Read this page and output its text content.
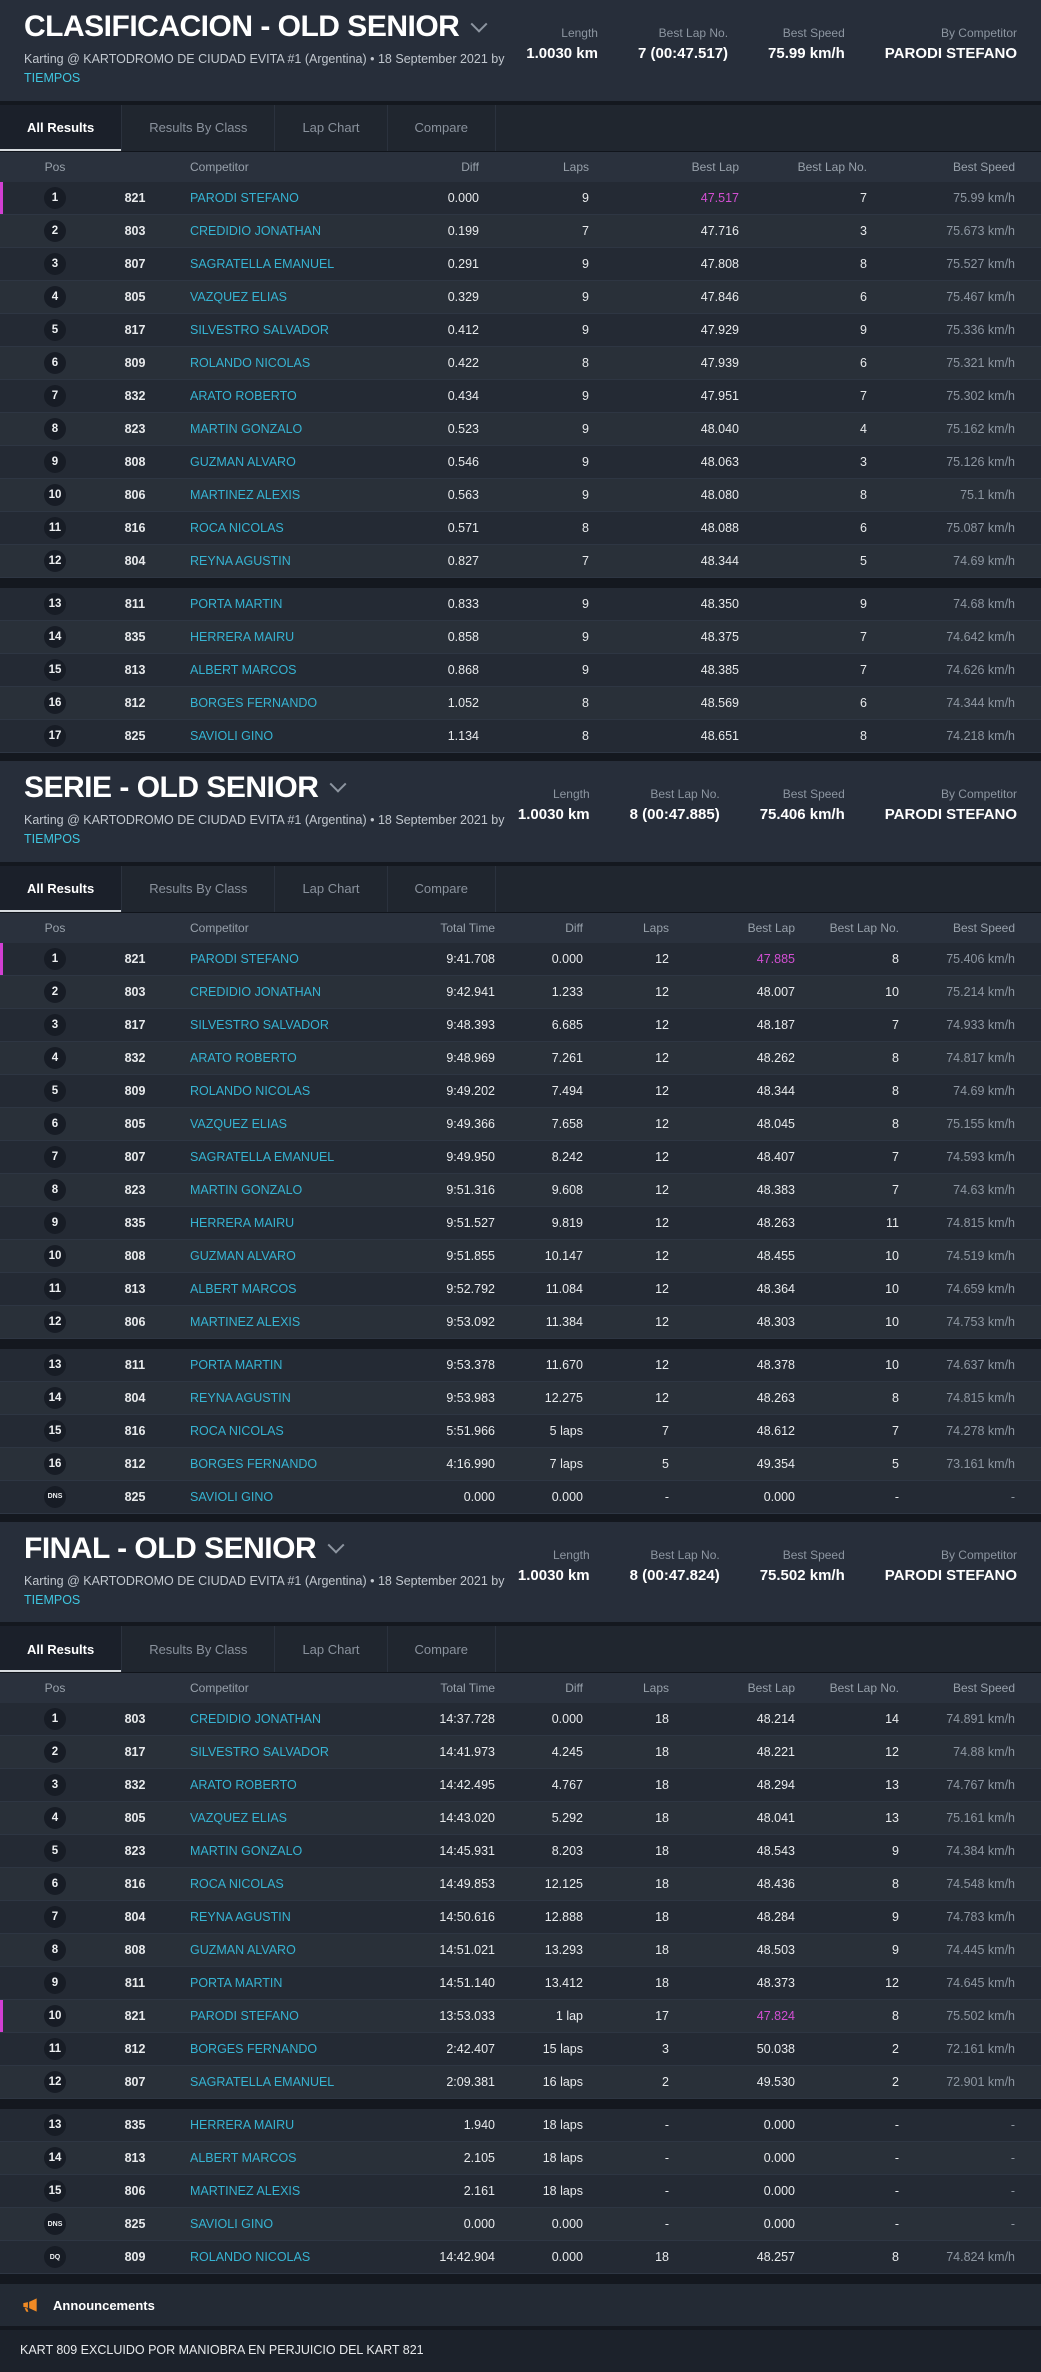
CLASIFICACION - OLD SENIOR

Karting @ KARTODROMO DE CIUDAD EVITA #1 (Argentina) • 18 September 2021 by TIEMPOS

Length
1.0030 km
Best Lap No.
7 (00:47.517)
Best Speed
75.99 km/h
By Competitor
PARODI STEFANO
All Results	Results By Class	Lap Chart	Compare
Pos	Competitor	Diff	Laps	Best Lap	Best Lap No.	Best Speed
1	821	PARODI STEFANO	0.000	9	47.517	7	75.99 km/h
2	803	CREDIDIO JONATHAN	0.199	7	47.716	3	75.673 km/h
3	807	SAGRATELLA EMANUEL	0.291	9	47.808	8	75.527 km/h
4	805	VAZQUEZ ELIAS	0.329	9	47.846	6	75.467 km/h
5	817	SILVESTRO SALVADOR	0.412	9	47.929	9	75.336 km/h
6	809	ROLANDO NICOLAS	0.422	8	47.939	6	75.321 km/h
7	832	ARATO ROBERTO	0.434	9	47.951	7	75.302 km/h
8	823	MARTIN GONZALO	0.523	9	48.040	4	75.162 km/h
9	808	GUZMAN ALVARO	0.546	9	48.063	3	75.126 km/h
10	806	MARTINEZ ALEXIS	0.563	9	48.080	8	75.1 km/h
11	816	ROCA NICOLAS	0.571	8	48.088	6	75.087 km/h
12	804	REYNA AGUSTIN	0.827	7	48.344	5	74.69 km/h
13	811	PORTA MARTIN	0.833	9	48.350	9	74.68 km/h
14	835	HERRERA MAIRU	0.858	9	48.375	7	74.642 km/h
15	813	ALBERT MARCOS	0.868	9	48.385	7	74.626 km/h
16	812	BORGES FERNANDO	1.052	8	48.569	6	74.344 km/h
17	825	SAVIOLI GINO	1.134	8	48.651	8	74.218 km/h
SERIE - OLD SENIOR

Karting @ KARTODROMO DE CIUDAD EVITA #1 (Argentina) • 18 September 2021 by TIEMPOS

Length
1.0030 km
Best Lap No.
8 (00:47.885)
Best Speed
75.406 km/h
By Competitor
PARODI STEFANO
All Results	Results By Class	Lap Chart	Compare
Pos	Competitor	Total Time	Diff	Laps	Best Lap	Best Lap No.	Best Speed
1	821	PARODI STEFANO	9:41.708	0.000	12	47.885	8	75.406 km/h
2	803	CREDIDIO JONATHAN	9:42.941	1.233	12	48.007	10	75.214 km/h
3	817	SILVESTRO SALVADOR	9:48.393	6.685	12	48.187	7	74.933 km/h
4	832	ARATO ROBERTO	9:48.969	7.261	12	48.262	8	74.817 km/h
5	809	ROLANDO NICOLAS	9:49.202	7.494	12	48.344	8	74.69 km/h
6	805	VAZQUEZ ELIAS	9:49.366	7.658	12	48.045	8	75.155 km/h
7	807	SAGRATELLA EMANUEL	9:49.950	8.242	12	48.407	7	74.593 km/h
8	823	MARTIN GONZALO	9:51.316	9.608	12	48.383	7	74.63 km/h
9	835	HERRERA MAIRU	9:51.527	9.819	12	48.263	11	74.815 km/h
10	808	GUZMAN ALVARO	9:51.855	10.147	12	48.455	10	74.519 km/h
11	813	ALBERT MARCOS	9:52.792	11.084	12	48.364	10	74.659 km/h
12	806	MARTINEZ ALEXIS	9:53.092	11.384	12	48.303	10	74.753 km/h
13	811	PORTA MARTIN	9:53.378	11.670	12	48.378	10	74.637 km/h
14	804	REYNA AGUSTIN	9:53.983	12.275	12	48.263	8	74.815 km/h
15	816	ROCA NICOLAS	5:51.966	5 laps	7	48.612	7	74.278 km/h
16	812	BORGES FERNANDO	4:16.990	7 laps	5	49.354	5	73.161 km/h
DNS	825	SAVIOLI GINO	0.000	0.000	-	0.000	-	-
FINAL - OLD SENIOR

Karting @ KARTODROMO DE CIUDAD EVITA #1 (Argentina) • 18 September 2021 by TIEMPOS

Length
1.0030 km
Best Lap No.
8 (00:47.824)
Best Speed
75.502 km/h
By Competitor
PARODI STEFANO
All Results	Results By Class	Lap Chart	Compare
Pos	Competitor	Total Time	Diff	Laps	Best Lap	Best Lap No.	Best Speed
1	803	CREDIDIO JONATHAN	14:37.728	0.000	18	48.214	14	74.891 km/h
2	817	SILVESTRO SALVADOR	14:41.973	4.245	18	48.221	12	74.88 km/h
3	832	ARATO ROBERTO	14:42.495	4.767	18	48.294	13	74.767 km/h
4	805	VAZQUEZ ELIAS	14:43.020	5.292	18	48.041	13	75.161 km/h
5	823	MARTIN GONZALO	14:45.931	8.203	18	48.543	9	74.384 km/h
6	816	ROCA NICOLAS	14:49.853	12.125	18	48.436	8	74.548 km/h
7	804	REYNA AGUSTIN	14:50.616	12.888	18	48.284	9	74.783 km/h
8	808	GUZMAN ALVARO	14:51.021	13.293	18	48.503	9	74.445 km/h
9	811	PORTA MARTIN	14:51.140	13.412	18	48.373	12	74.645 km/h
10	821	PARODI STEFANO	13:53.033	1 lap	17	47.824	8	75.502 km/h
11	812	BORGES FERNANDO	2:42.407	15 laps	3	50.038	2	72.161 km/h
12	807	SAGRATELLA EMANUEL	2:09.381	16 laps	2	49.530	2	72.901 km/h
13	835	HERRERA MAIRU	1.940	18 laps	-	0.000	-	-
14	813	ALBERT MARCOS	2.105	18 laps	-	0.000	-	-
15	806	MARTINEZ ALEXIS	2.161	18 laps	-	0.000	-	-
DNS	825	SAVIOLI GINO	0.000	0.000	-	0.000	-	-
DQ	809	ROLANDO NICOLAS	14:42.904	0.000	18	48.257	8	74.824 km/h
Announcements
KART 809 EXCLUIDO POR MANIOBRA EN PERJUICIO DEL KART 821
